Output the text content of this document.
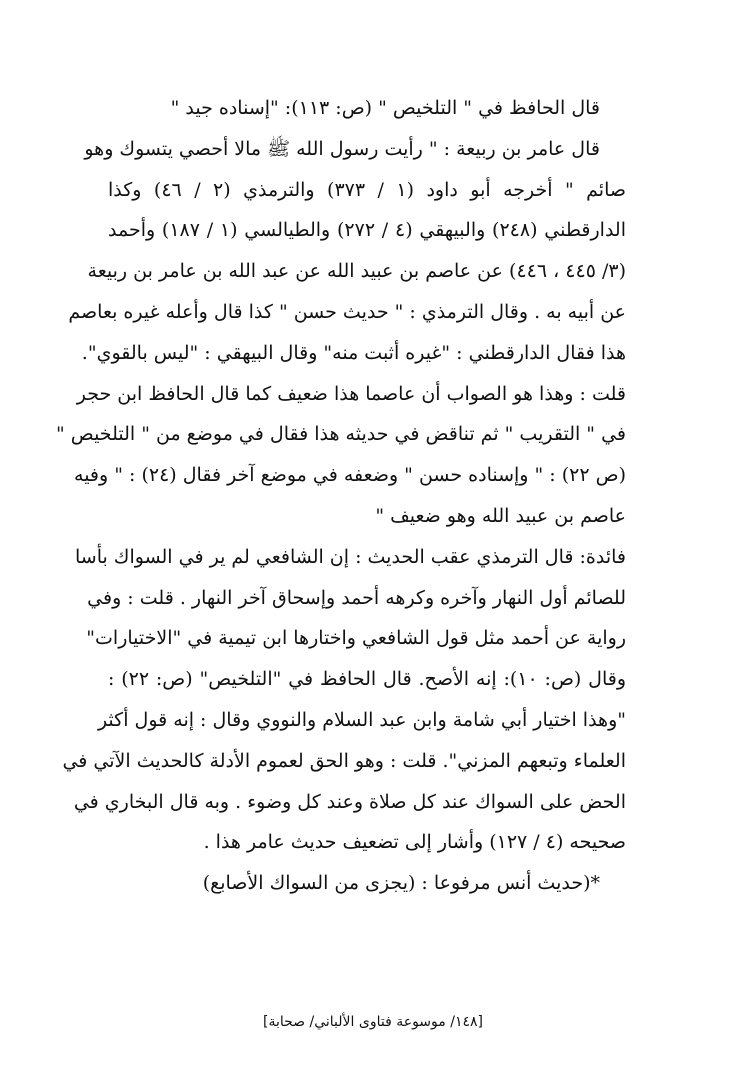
قال الحافظ في " التلخيص " (ص: ١١٣): "إسناده جيد "
قال عامر بن ربيعة : " رأيت رسول الله ﷺ مالا أحصي يتسوك وهو
صائم " أخرجه أبو داود (١ / ٣٧٣) والترمذي (٢ / ٤٦) وكذا
الدارقطني (٢٤٨) والبيهقي (٤ / ٢٧٢) والطيالسي (١ / ١٨٧) وأحمد
(٣/ ٤٤٥ ، ٤٤٦) عن عاصم بن عبيد الله عن عبد الله بن عامر بن ربيعة
عن أبيه به . وقال الترمذي : " حديث حسن " كذا قال وأعله غيره بعاصم
هذا فقال الدارقطني : "غيره أثبت منه" وقال البيهقي : "ليس بالقوي".
قلت : وهذا هو الصواب أن عاصما هذا ضعيف كما قال الحافظ ابن حجر
في " التقريب " ثم تناقض في حديثه هذا فقال في موضع من " التلخيص "
(ص ٢٢) : " وإسناده حسن " وضعفه في موضع آخر فقال (٢٤) : " وفيه
عاصم بن عبيد الله وهو ضعيف "
فائدة: قال الترمذي عقب الحديث : إن الشافعي لم ير في السواك بأسا
للصائم أول النهار وآخره وكرهه أحمد وإسحاق آخر النهار . قلت : وفي
رواية عن أحمد مثل قول الشافعي واختارها ابن تيمية في "الاختيارات"
وقال (ص: ١٠): إنه الأصح. قال الحافظ في "التلخيص" (ص: ٢٢) :
"وهذا اختيار أبي شامة وابن عبد السلام والنووي وقال : إنه قول أكثر
العلماء وتبعهم المزني". قلت : وهو الحق لعموم الأدلة كالحديث الآتي في
الحض على السواك عند كل صلاة وعند كل وضوء . وبه قال البخاري في
صحيحه (٤ / ١٢٧) وأشار إلى تضعيف حديث عامر هذا .
*(حديث أنس مرفوعا : (يجزى من السواك الأصابع)
[١٤٨/ موسوعة فتاوى الألباني/ صحابة]
